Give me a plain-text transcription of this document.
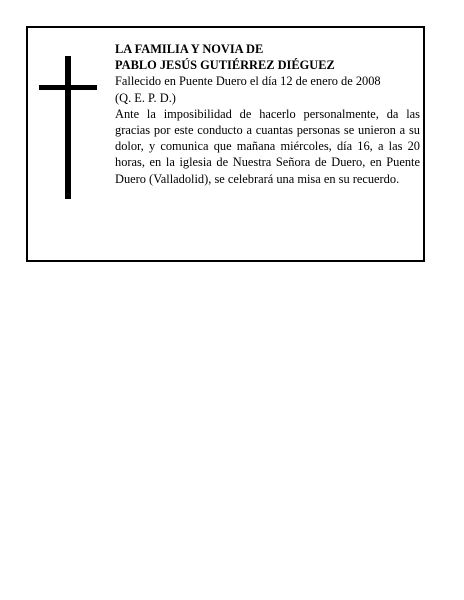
LA FAMILIA Y NOVIA DE
PABLO JESÚS GUTIÉRREZ DIÉGUEZ
Fallecido en Puente Duero el día 12 de enero de 2008
(Q. E. P. D.)

Ante la imposibilidad de hacerlo personalmente, da las gracias por este conducto a cuantas personas se unieron a su dolor, y comunica que mañana miércoles, día 16, a las 20 horas, en la iglesia de Nuestra Señora de Duero, en Puente Duero (Valladolid), se celebrará una misa en su recuerdo.
